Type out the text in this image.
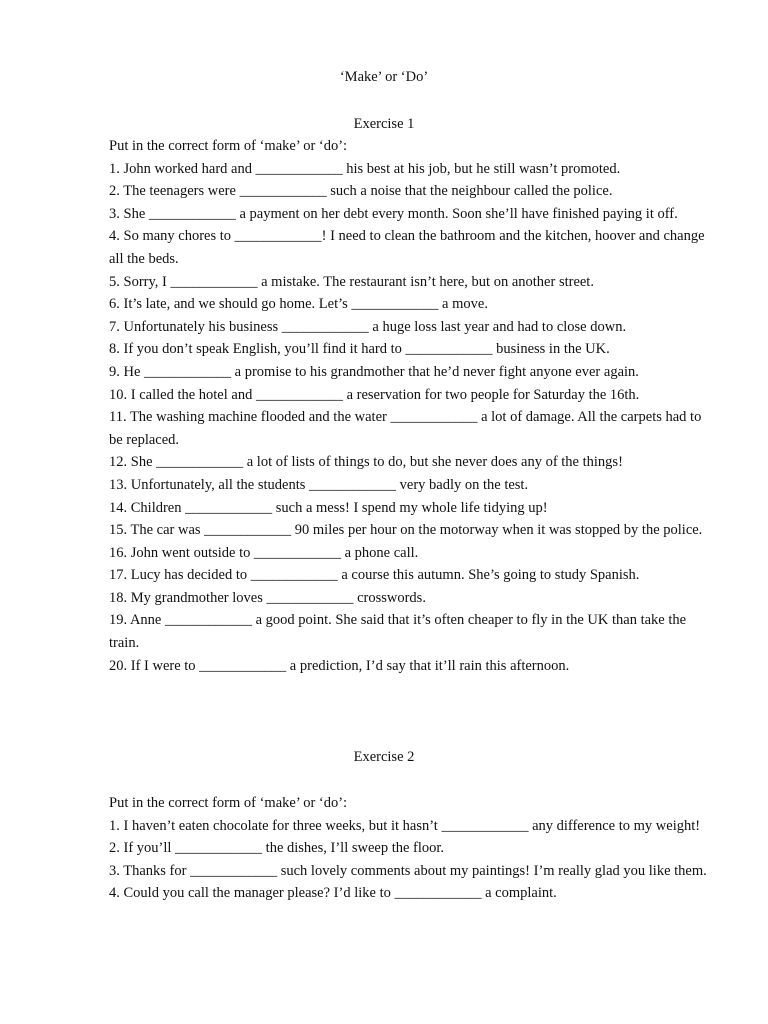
‘Make’ or ‘Do’
Exercise 1
Put in the correct form of ‘make’ or ‘do’:
1. John worked hard and ____________ his best at his job, but he still wasn’t promoted.
2. The teenagers were ____________ such a noise that the neighbour called the police.
3. She ____________ a payment on her debt every month. Soon she’ll have finished paying it off.
4. So many chores to ____________! I need to clean the bathroom and the kitchen, hoover and change all the beds.
5. Sorry, I ____________ a mistake. The restaurant isn’t here, but on another street.
6. It’s late, and we should go home. Let’s ____________ a move.
7. Unfortunately his business ____________ a huge loss last year and had to close down.
8. If you don’t speak English, you’ll find it hard to ____________ business in the UK.
9. He ____________ a promise to his grandmother that he’d never fight anyone ever again.
10. I called the hotel and ____________ a reservation for two people for Saturday the 16th.
11. The washing machine flooded and the water ____________ a lot of damage. All the carpets had to be replaced.
12. She ____________ a lot of lists of things to do, but she never does any of the things!
13. Unfortunately, all the students ____________ very badly on the test.
14. Children ____________ such a mess! I spend my whole life tidying up!
15. The car was ____________ 90 miles per hour on the motorway when it was stopped by the police.
16. John went outside to ____________ a phone call.
17. Lucy has decided to ____________ a course this autumn. She’s going to study Spanish.
18. My grandmother loves ____________ crosswords.
19. Anne ____________ a good point. She said that it’s often cheaper to fly in the UK than take the train.
20. If I were to ____________ a prediction, I’d say that it’ll rain this afternoon.
Exercise 2
Put in the correct form of ‘make’ or ‘do’:
1. I haven’t eaten chocolate for three weeks, but it hasn’t ____________ any difference to my weight!
2. If you’ll ____________ the dishes, I’ll sweep the floor.
3. Thanks for ____________ such lovely comments about my paintings! I’m really glad you like them.
4. Could you call the manager please? I’d like to ____________ a complaint.
